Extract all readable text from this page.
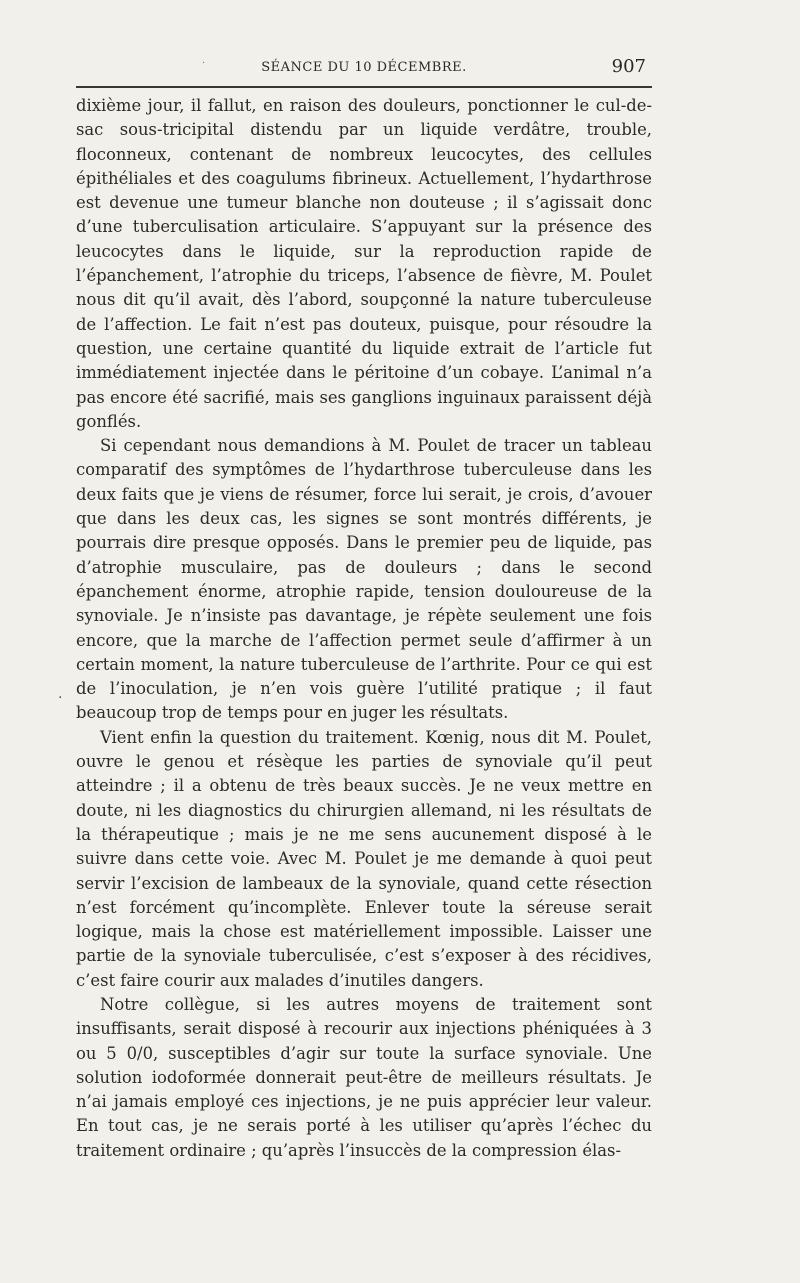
SÉANCE DU 10 DÉCEMBRE.	907
·
·

dixième jour, il fallut, en raison des douleurs, ponctionner le cul-de-sac sous-tricipital distendu par un liquide verdâtre, trouble, floconneux, contenant de nombreux leucocytes, des cellules épithéliales et des coagulums fibrineux. Actuellement, l’hydarthrose est devenue une tumeur blanche non douteuse ; il s’agissait donc d’une tuberculisation articulaire. S’appuyant sur la présence des leucocytes dans le liquide, sur la reproduction rapide de l’épanchement, l’atrophie du triceps, l’absence de fièvre, M. Poulet nous dit qu’il avait, dès l’abord, soupçonné la nature tuberculeuse de l’affection. Le fait n’est pas douteux, puisque, pour résoudre la question, une certaine quantité du liquide extrait de l’article fut immédiatement injectée dans le péritoine d’un cobaye. L’animal n’a pas encore été sacrifié, mais ses ganglions inguinaux paraissent déjà gonflés.

Si cependant nous demandions à M. Poulet de tracer un tableau comparatif des symptômes de l’hydarthrose tuberculeuse dans les deux faits que je viens de résumer, force lui serait, je crois, d’avouer que dans les deux cas, les signes se sont montrés différents, je pourrais dire presque opposés. Dans le premier peu de liquide, pas d’atrophie musculaire, pas de douleurs ; dans le second épanchement énorme, atrophie rapide, tension douloureuse de la synoviale. Je n’insiste pas davantage, je répète seulement une fois encore, que la marche de l’affection permet seule d’affirmer à un certain moment, la nature tuberculeuse de l’arthrite. Pour ce qui est de l’inoculation, je n’en vois guère l’utilité pratique ; il faut beaucoup trop de temps pour en juger les résultats.

Vient enfin la question du traitement. Kœnig, nous dit M. Poulet, ouvre le genou et résèque les parties de synoviale qu’il peut atteindre ; il a obtenu de très beaux succès. Je ne veux mettre en doute, ni les diagnostics du chirurgien allemand, ni les résultats de la thérapeutique ; mais je ne me sens aucunement disposé à le suivre dans cette voie. Avec M. Poulet je me demande à quoi peut servir l’excision de lambeaux de la synoviale, quand cette résection n’est forcément qu’incomplète. Enlever toute la séreuse serait logique, mais la chose est matériellement impossible. Laisser une partie de la synoviale tuberculisée, c’est s’exposer à des récidives, c’est faire courir aux malades d’inutiles dangers.

Notre collègue, si les autres moyens de traitement sont insuffisants, serait disposé à recourir aux injections phéniquées à 3 ou 5 0/0, susceptibles d’agir sur toute la surface synoviale. Une solution iodoformée donnerait peut-être de meilleurs résultats. Je n’ai jamais employé ces injections, je ne puis apprécier leur valeur. En tout cas, je ne serais porté à les utiliser qu’après l’échec du traitement ordinaire ; qu’après l’insuccès de la compression élas-
